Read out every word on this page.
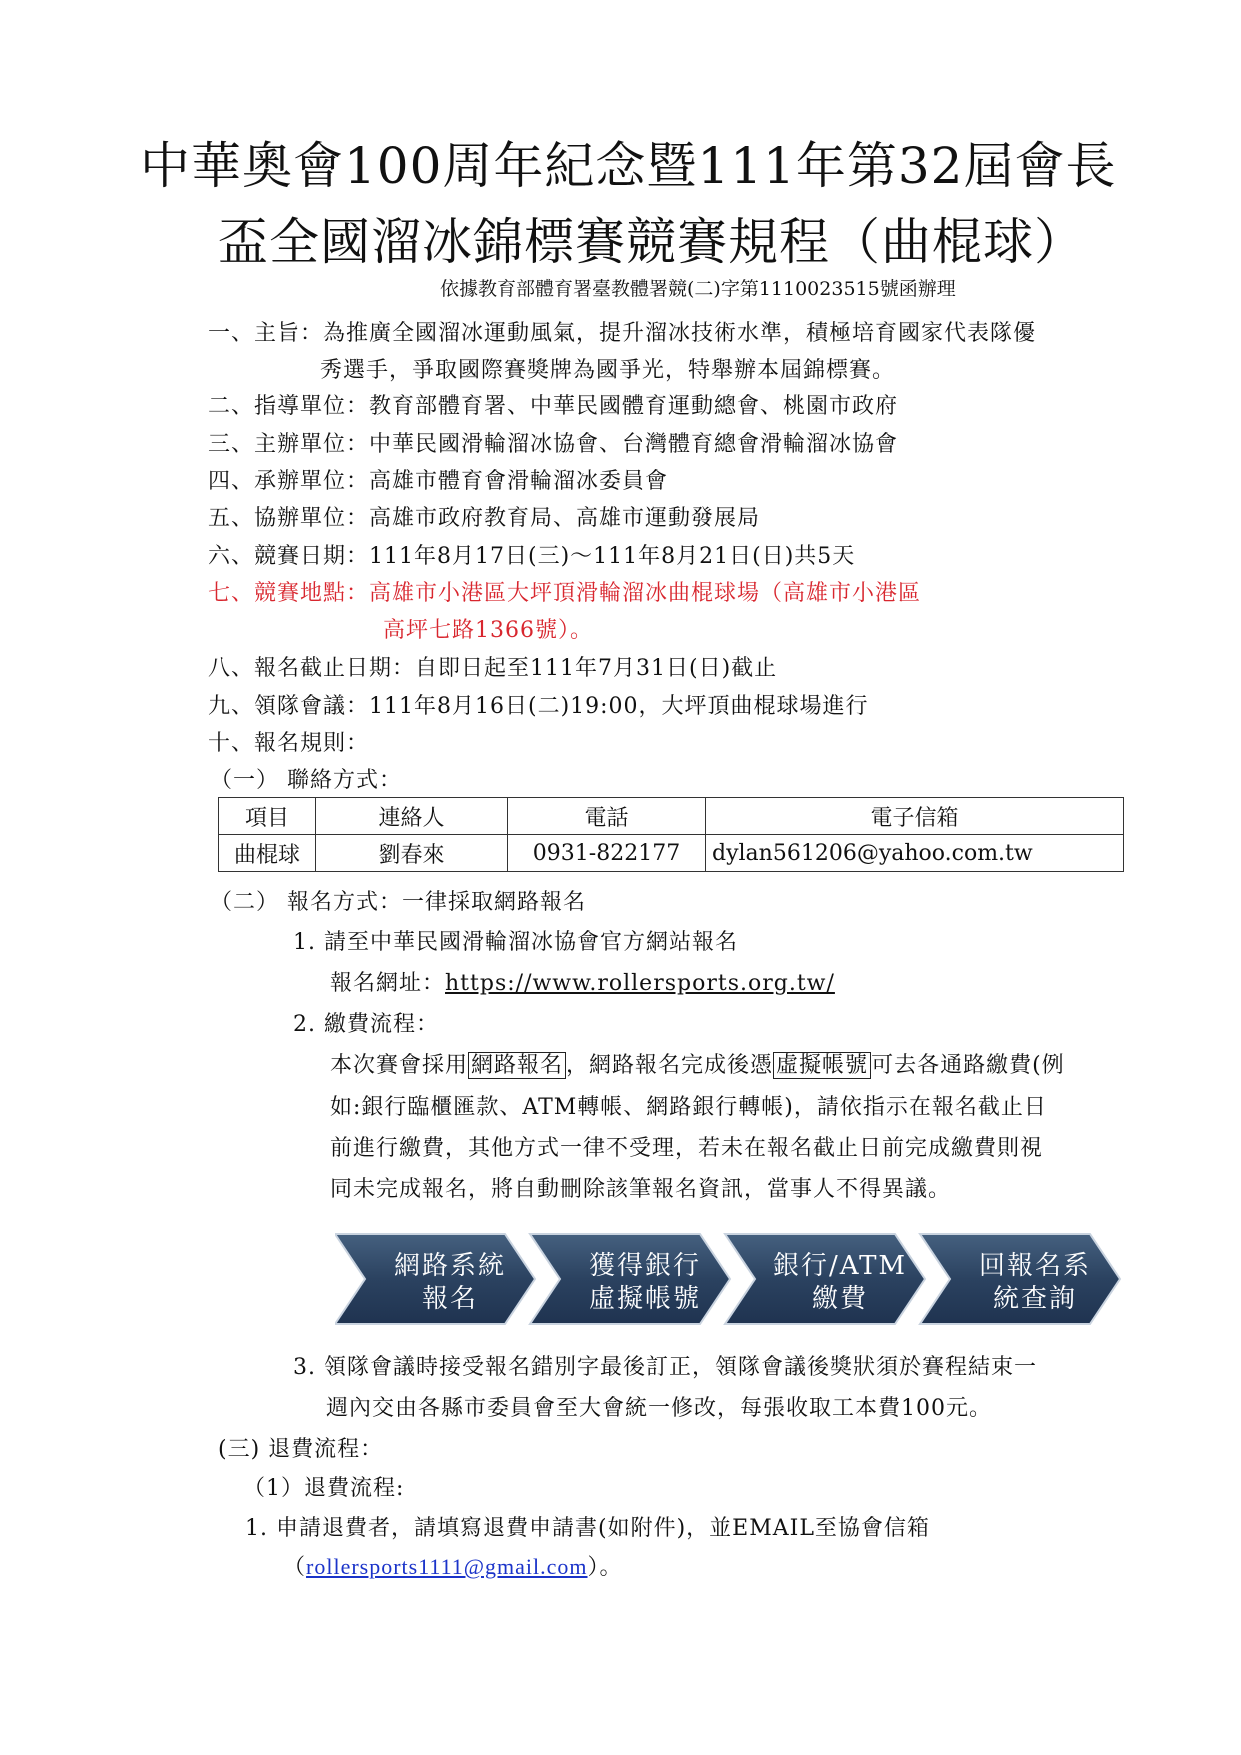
中華奧會100周年紀念暨111年第32屆會長
盃全國溜冰錦標賽競賽規程（曲棍球）
依據教育部體育署臺教體署競(二)字第1110023515號函辦理
一、主旨：為推廣全國溜冰運動風氣，提升溜冰技術水準，積極培育國家代表隊優
秀選手，爭取國際賽獎牌為國爭光，特舉辦本屆錦標賽。
二、指導單位：教育部體育署、中華民國體育運動總會、桃園市政府
三、主辦單位：中華民國滑輪溜冰協會、台灣體育總會滑輪溜冰協會
四、承辦單位：高雄市體育會滑輪溜冰委員會
五、協辦單位：高雄市政府教育局、高雄市運動發展局
六、競賽日期：111年8月17日(三)～111年8月21日(日)共5天
七、競賽地點：高雄市小港區大坪頂滑輪溜冰曲棍球場（高雄市小港區
高坪七路1366號）。
八、報名截止日期：自即日起至111年7月31日(日)截止
九、領隊會議：111年8月16日(二)19:00，大坪頂曲棍球場進行
十、報名規則：
（一） 聯絡方式：
項目	連絡人	電話	電子信箱
曲棍球	劉春來	0931-822177	dylan561206@yahoo.com.tw
（二） 報名方式：一律採取網路報名
1. 請至中華民國滑輪溜冰協會官方網站報名
報名網址：https://www.rollersports.org.tw/
2. 繳費流程：
本次賽會採用 網路報名 ，網路報名完成後憑 虛擬帳號 可去各通路繳費(例
如:銀行臨櫃匯款、ATM轉帳、網路銀行轉帳)，請依指示在報名截止日
前進行繳費，其他方式一律不受理，若未在報名截止日前完成繳費則視
同未完成報名，將自動刪除該筆報名資訊，當事人不得異議。
網路系統
報名
獲得銀行
虛擬帳號
銀行/ATM
繳費
回報名系
統查詢
3. 領隊會議時接受報名錯別字最後訂正，領隊會議後獎狀須於賽程結束一
週內交由各縣市委員會至大會統一修改，每張收取工本費100元。
(三) 退費流程：
（1）退費流程:
1. 申請退費者，請填寫退費申請書(如附件)，並EMAIL至協會信箱
（rollersports1111@gmail.com）。
